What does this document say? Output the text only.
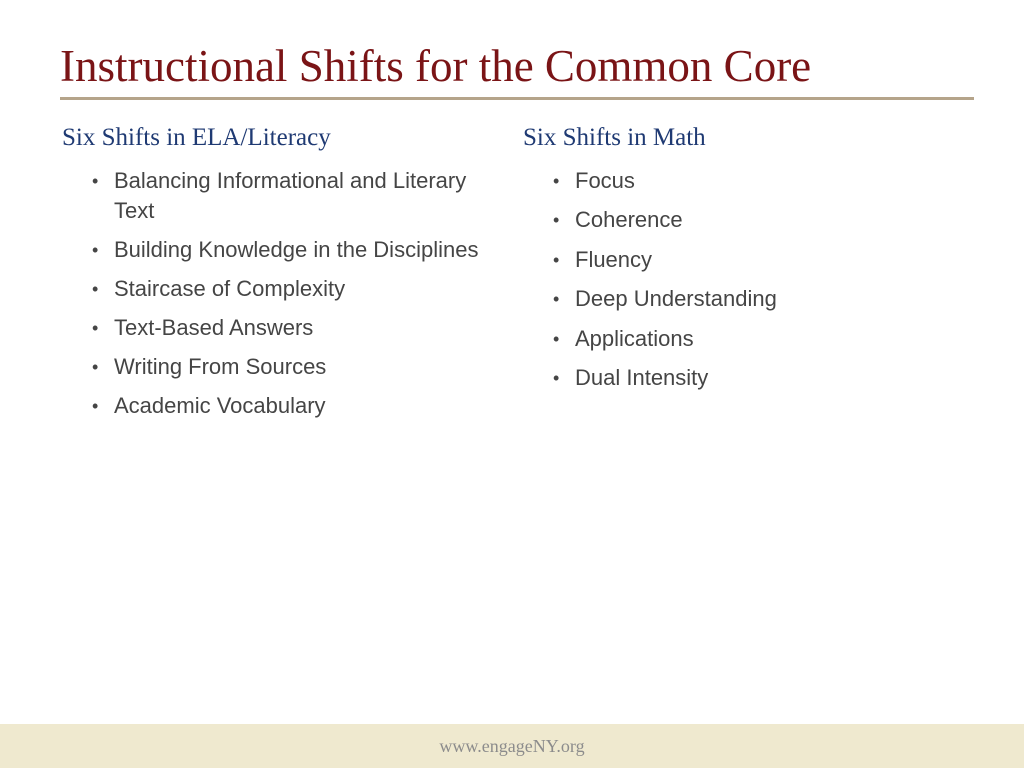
Instructional Shifts for the Common Core
Six Shifts in ELA/Literacy
• Balancing Informational and Literary Text
• Building Knowledge in the Disciplines
• Staircase of Complexity
• Text-Based Answers
• Writing From Sources
• Academic Vocabulary
Six Shifts in Math
• Focus
• Coherence
• Fluency
• Deep Understanding
• Applications
• Dual Intensity
www.engageNY.org
